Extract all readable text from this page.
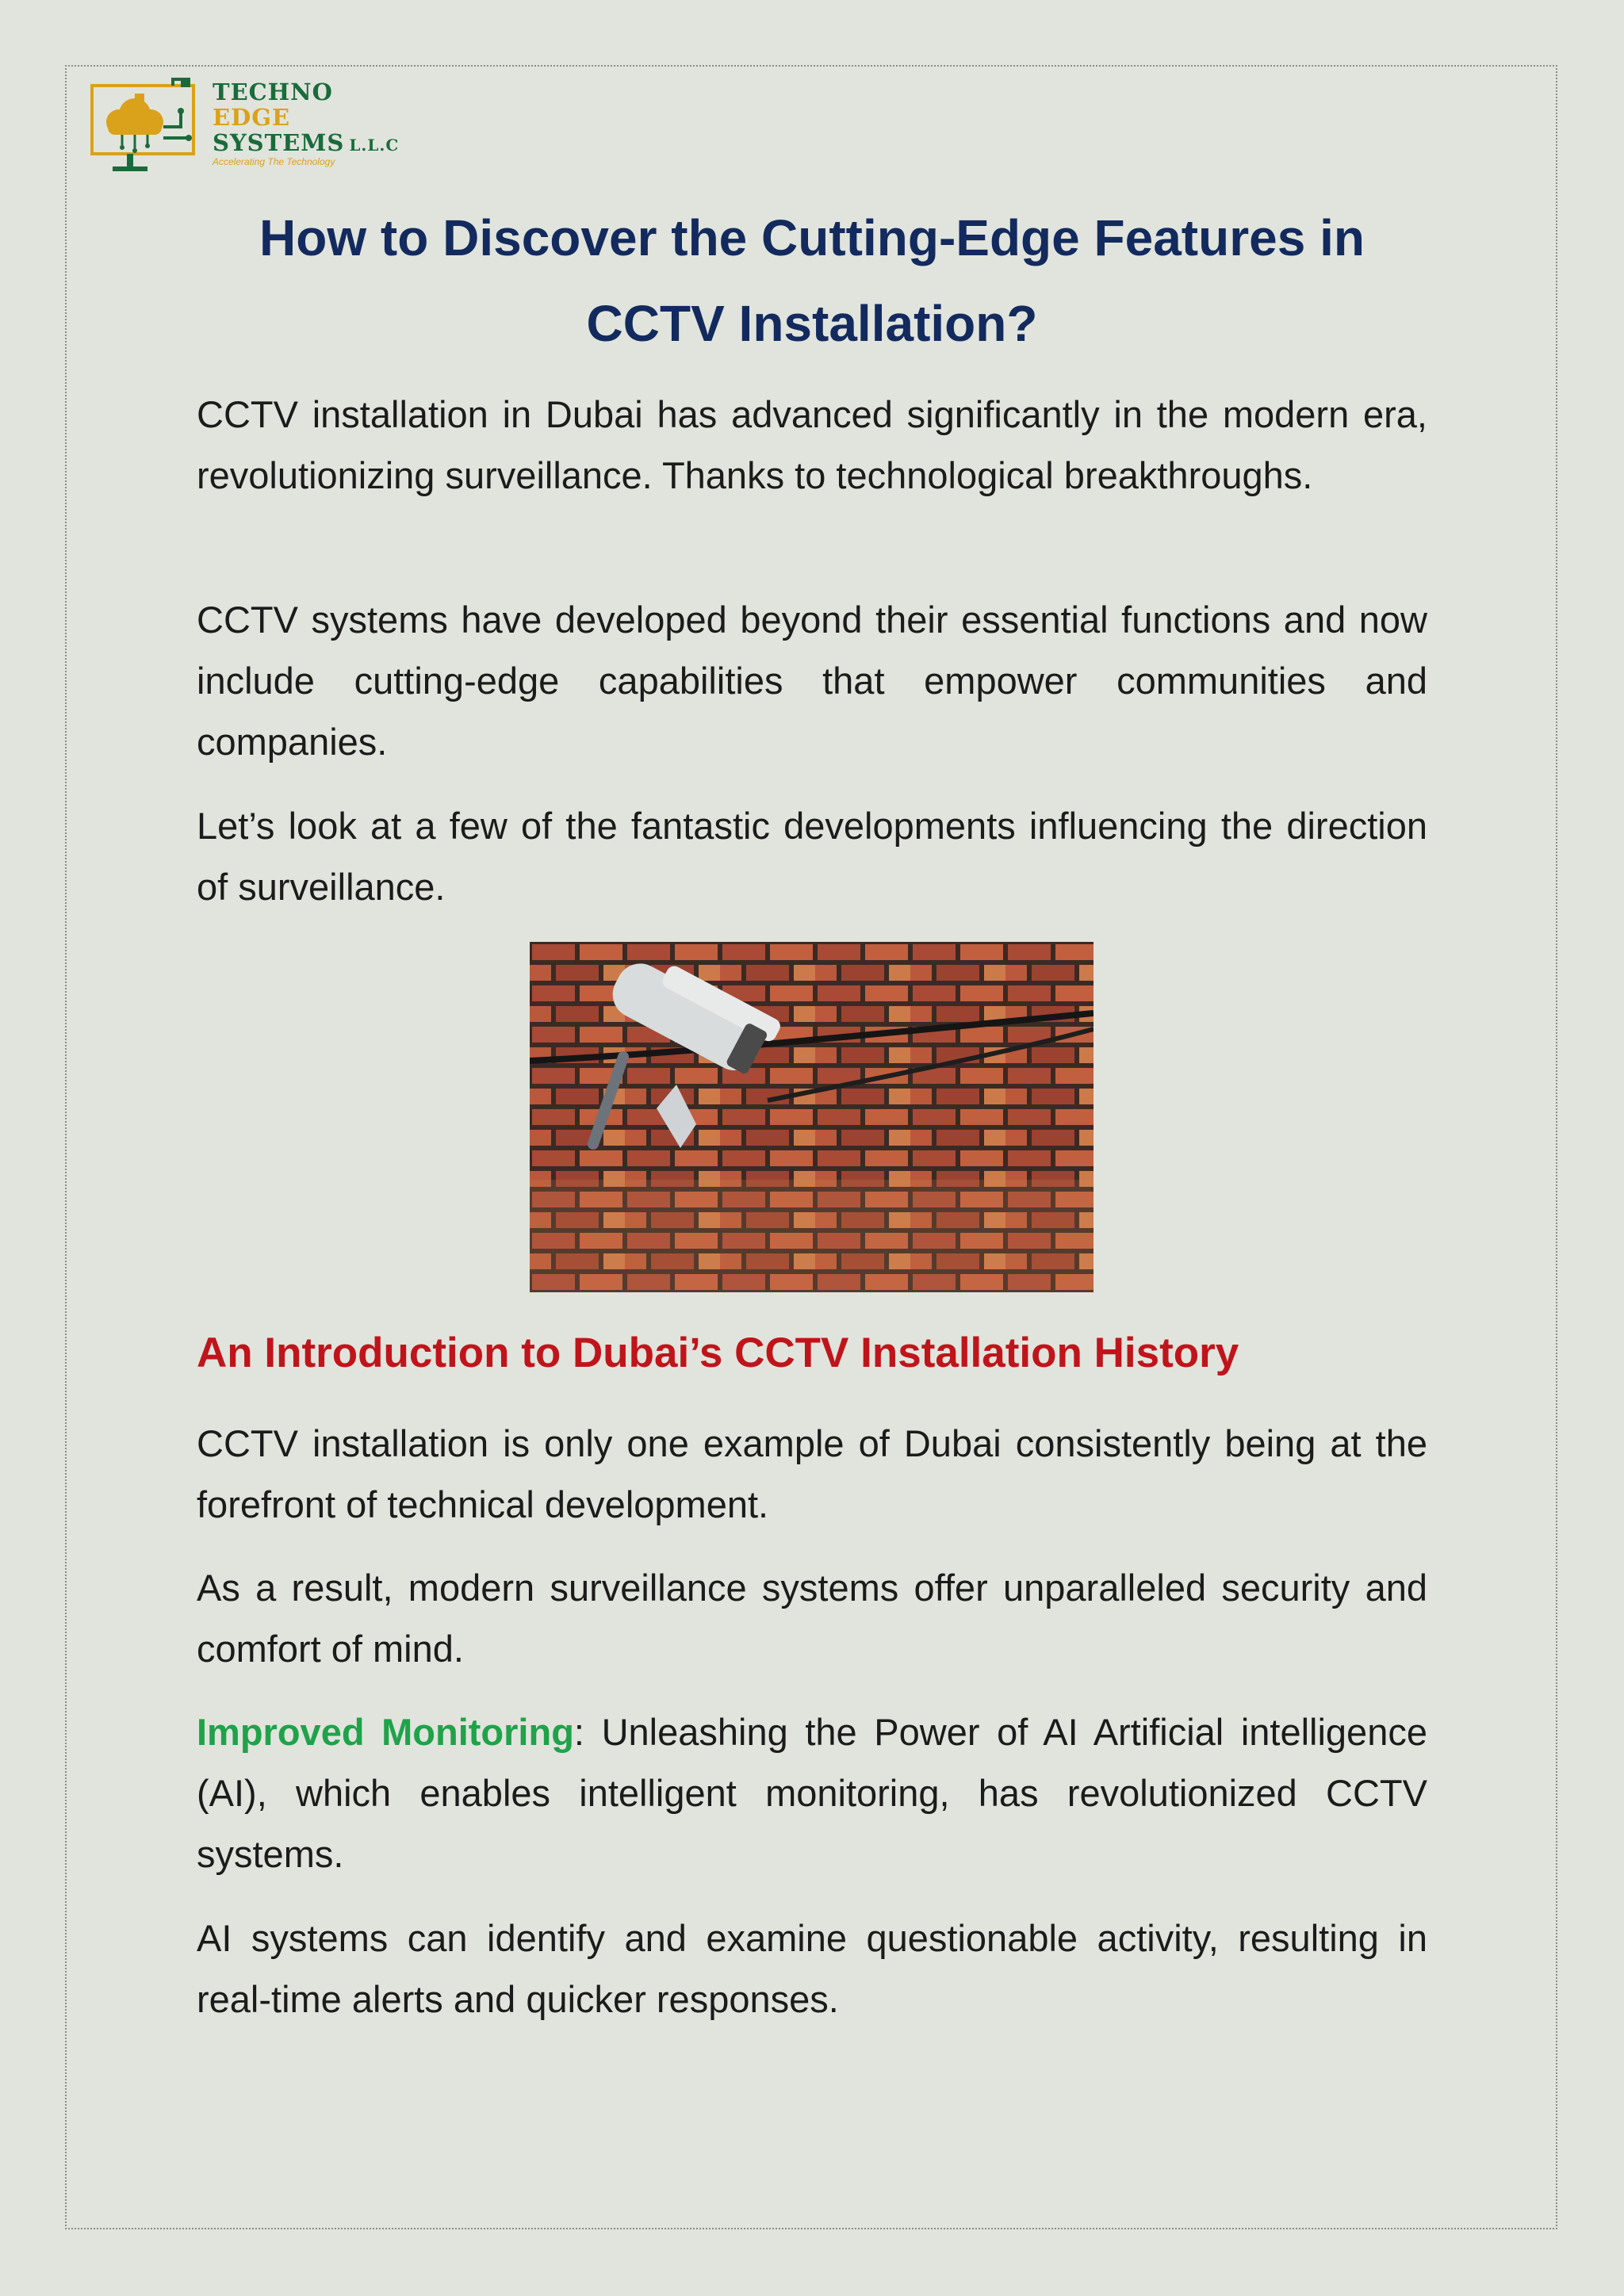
TECHNO
EDGE
SYSTEMS L.L.C
Accelerating The Technology
How to Discover the Cutting-Edge Features in
CCTV Installation?

CCTV installation in Dubai has advanced significantly in the modern era, revolutionizing surveillance. Thanks to technological breakthroughs.

CCTV systems have developed beyond their essential functions and now include cutting-edge capabilities that empower communities and companies.

Let’s look at a few of the fantastic developments influencing the direction of surveillance.

An Introduction to Dubai’s CCTV Installation History

CCTV installation is only one example of Dubai consistently being at the forefront of technical development.

As a result, modern surveillance systems offer unparalleled security and comfort of mind.

Improved Monitoring: Unleashing the Power of AI Artificial intelligence (AI), which enables intelligent monitoring, has revolutionized CCTV systems.

AI systems can identify and examine questionable activity, resulting in real-time alerts and quicker responses.
